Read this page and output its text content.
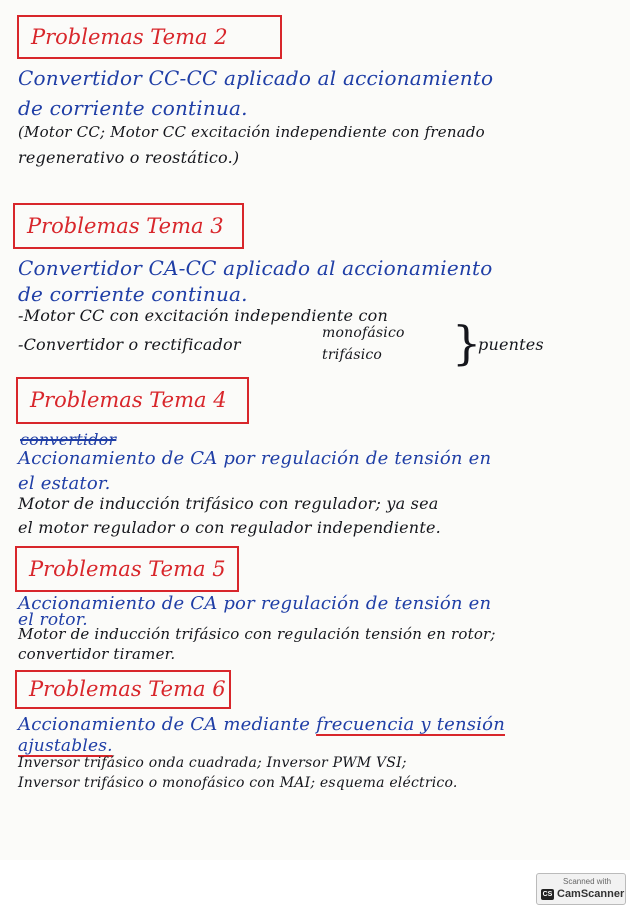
Problemas Tema 2
Convertidor CC-CC aplicado al accionamiento
de corriente continua.
(Motor CC; Motor CC excitación independiente con frenado
regenerativo o reostático.)
Problemas Tema 3
Convertidor CA-CC aplicado al accionamiento
de corriente continua.
-Motor CC con excitación independiente con
-Convertidor o rectificador
monofásico
trifásico }
puentes
Problemas Tema 4
convertidor
Accionamiento de CA por regulación de tensión en
el estator.
Motor de inducción trifásico con regulador; ya sea
el motor regulador o con regulador independiente.
Problemas Tema 5
Accionamiento de CA por regulación de tensión en
el rotor.
Motor de inducción trifásico con regulación tensión en rotor;
convertidor tiramer.
Problemas Tema 6
Accionamiento de CA mediante frecuencia y tensión
ajustables.
Inversor trifásico onda cuadrada; Inversor PWM VSI;
Inversor trifásico o monofásico con MAI; esquema eléctrico.
Scanned with
CS CamScanner
